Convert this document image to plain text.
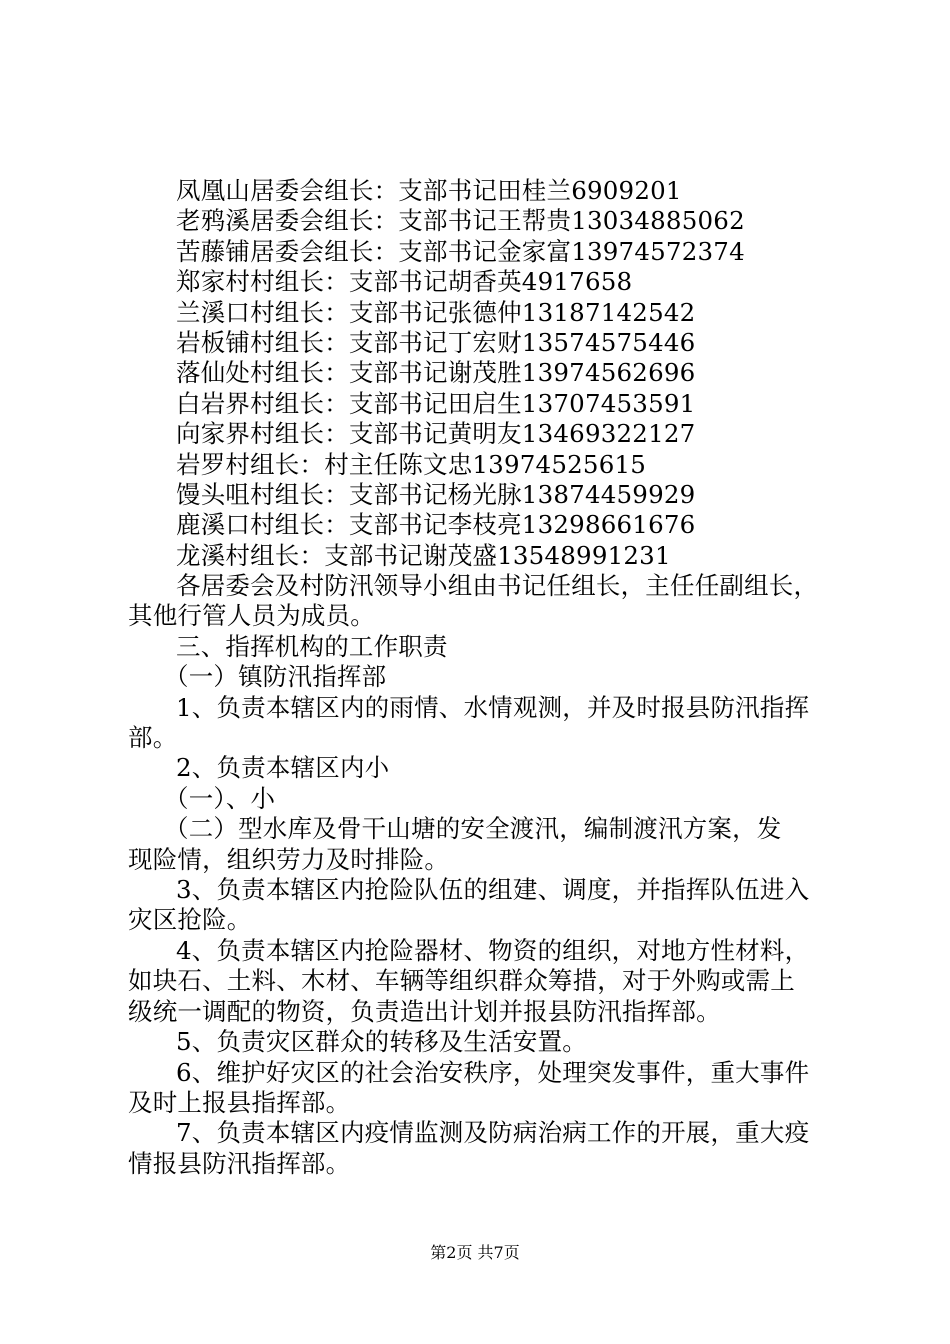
凤凰山居委会组长：支部书记田桂兰6909201
老鸦溪居委会组长：支部书记王帮贵13034885062
苦藤铺居委会组长：支部书记金家富13974572374
郑家村村组长：支部书记胡香英4917658
兰溪口村组长：支部书记张德仲13187142542
岩板铺村组长：支部书记丁宏财13574575446
落仙处村组长：支部书记谢茂胜13974562696
白岩界村组长：支部书记田启生13707453591
向家界村组长：支部书记黄明友13469322127
岩罗村组长：村主任陈文忠13974525615
馒头咀村组长：支部书记杨光脉13874459929
鹿溪口村组长：支部书记李枝亮13298661676
龙溪村组长：支部书记谢茂盛13548991231
各居委会及村防汛领导小组由书记任组长，主任任副组长，
其他行管人员为成员。
三、指挥机构的工作职责
（一）镇防汛指挥部
1、负责本辖区内的雨情、水情观测，并及时报县防汛指挥
部。
2、负责本辖区内小
（一）、小
（二）型水库及骨干山塘的安全渡汛，编制渡汛方案，发
现险情，组织劳力及时排险。
3、负责本辖区内抢险队伍的组建、调度，并指挥队伍进入
灾区抢险。
4、负责本辖区内抢险器材、物资的组织，对地方性材料，
如块石、土料、木材、车辆等组织群众筹措，对于外购或需上
级统一调配的物资，负责造出计划并报县防汛指挥部。
5、负责灾区群众的转移及生活安置。
6、维护好灾区的社会治安秩序，处理突发事件，重大事件
及时上报县指挥部。
7、负责本辖区内疫情监测及防病治病工作的开展，重大疫
情报县防汛指挥部。
第2页 共7页
